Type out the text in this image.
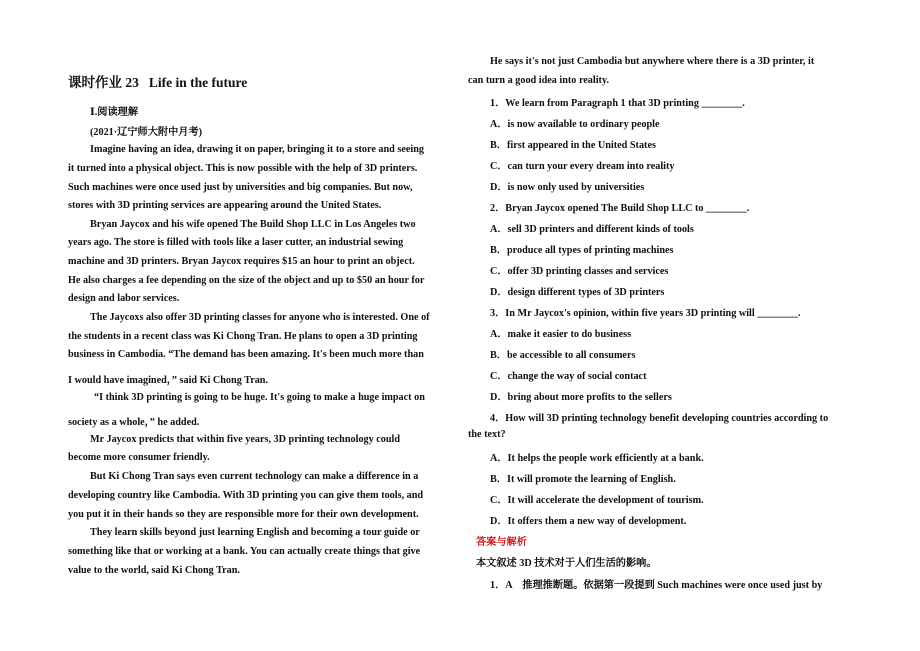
课时作业 23 Life in the future
Ⅰ.阅读理解
(2021·辽宁师大附中月考)
Imagine having an idea, drawing it on paper, bringing it to a store and seeing
it turned into a physical object. This is now possible with the help of 3D printers.
Such machines were once used just by universities and big companies. But now,
stores with 3D printing services are appearing around the United States.
Bryan Jaycox and his wife opened The Build Shop LLC in Los Angeles two
years ago. The store is filled with tools like a laser cutter, an industrial sewing
machine and 3D printers. Bryan Jaycox requires $15 an hour to print an object.
He also charges a fee depending on the size of the object and up to $50 an hour for
design and labor services.
The Jaycoxs also offer 3D printing classes for anyone who is interested. One of
the students in a recent class was Ki Chong Tran. He plans to open a 3D printing
business in Cambodia. “The demand has been amazing. It's been much more than
I would have imagined，” said Ki Chong Tran.
“I think 3D printing is going to be huge. It's going to make a huge impact on
society as a whole，” he added.
Mr Jaycox predicts that within five years, 3D printing technology could
become more consumer friendly.
But Ki Chong Tran says even current technology can make a difference in a
developing country like Cambodia. With 3D printing you can give them tools, and
you put it in their hands so they are responsible more for their own development.
They learn skills beyond just learning English and becoming a tour guide or
something like that or working at a bank. You can actually create things that give
value to the world, said Ki Chong Tran.
He says it's not just Cambodia but anywhere where there is a 3D printer, it
can turn a good idea into reality.
1．We learn from Paragraph 1 that 3D printing ________.
A．is now available to ordinary people
B．first appeared in the United States
C．can turn your every dream into reality
D．is now only used by universities
2．Bryan Jaycox opened The Build Shop LLC to ________.
A．sell 3D printers and different kinds of tools
B．produce all types of printing machines
C．offer 3D printing classes and services
D．design different types of 3D printers
3．In Mr Jaycox's opinion, within five years 3D printing will ________.
A．make it easier to do business
B．be accessible to all consumers
C．change the way of social contact
D．bring about more profits to the sellers
4．How will 3D printing technology benefit developing countries according to
the text?
A．It helps the people work efficiently at a bank.
B．It will promote the learning of English.
C．It will accelerate the development of tourism.
D．It offers them a new way of development.
答案与解析
本文叙述 3D 技术对于人们生活的影响。
1．A　推理推断题。依据第一段提到 Such machines were once used just by
